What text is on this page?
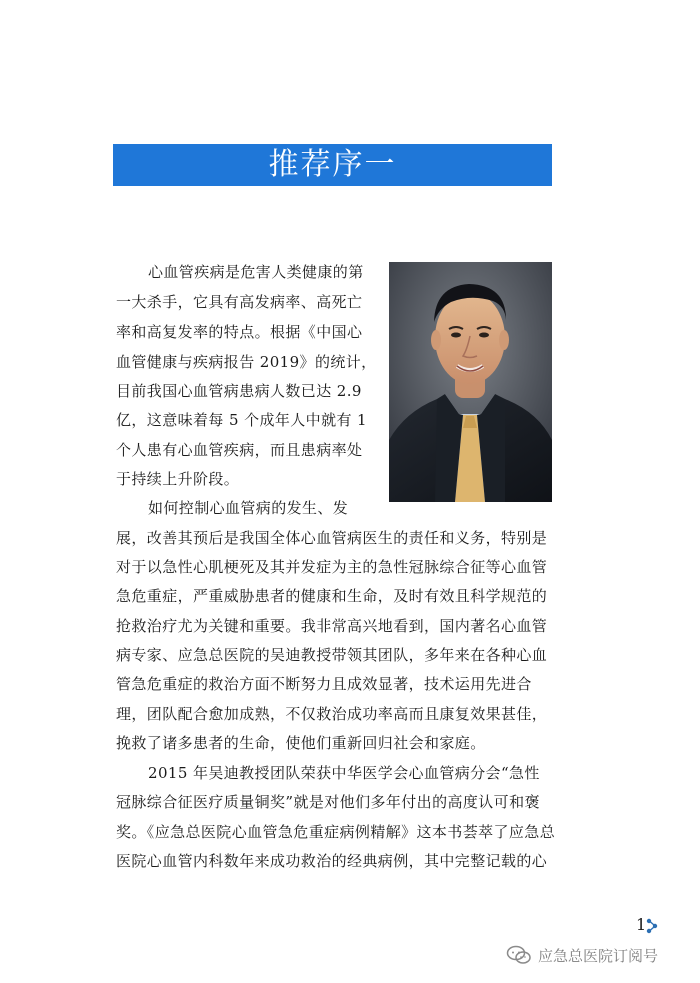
推荐序一
心血管疾病是危害人类健康的第
一大杀手，它具有高发病率、高死亡
率和高复发率的特点。根据《中国心
血管健康与疾病报告 2019》的统计，
目前我国心血管病患病人数已达 2.9
亿，这意味着每 5 个成年人中就有 1
个人患有心血管疾病，而且患病率处
于持续上升阶段。
如何控制心血管病的发生、发
展，改善其预后是我国全体心血管病医生的责任和义务，特别是
对于以急性心肌梗死及其并发症为主的急性冠脉综合征等心血管
急危重症，严重威胁患者的健康和生命，及时有效且科学规范的
抢救治疗尤为关键和重要。我非常高兴地看到，国内著名心血管
病专家、应急总医院的吴迪教授带领其团队，多年来在各种心血
管急危重症的救治方面不断努力且成效显著，技术运用先进合
理，团队配合愈加成熟，不仅救治成功率高而且康复效果甚佳，
挽救了诸多患者的生命，使他们重新回归社会和家庭。
2015 年吴迪教授团队荣获中华医学会心血管病分会“急性
冠脉综合征医疗质量铜奖”就是对他们多年付出的高度认可和褒
奖。《应急总医院心血管急危重症病例精解》这本书荟萃了应急总
医院心血管内科数年来成功救治的经典病例，其中完整记载的心
1
应急总医院订阅号
